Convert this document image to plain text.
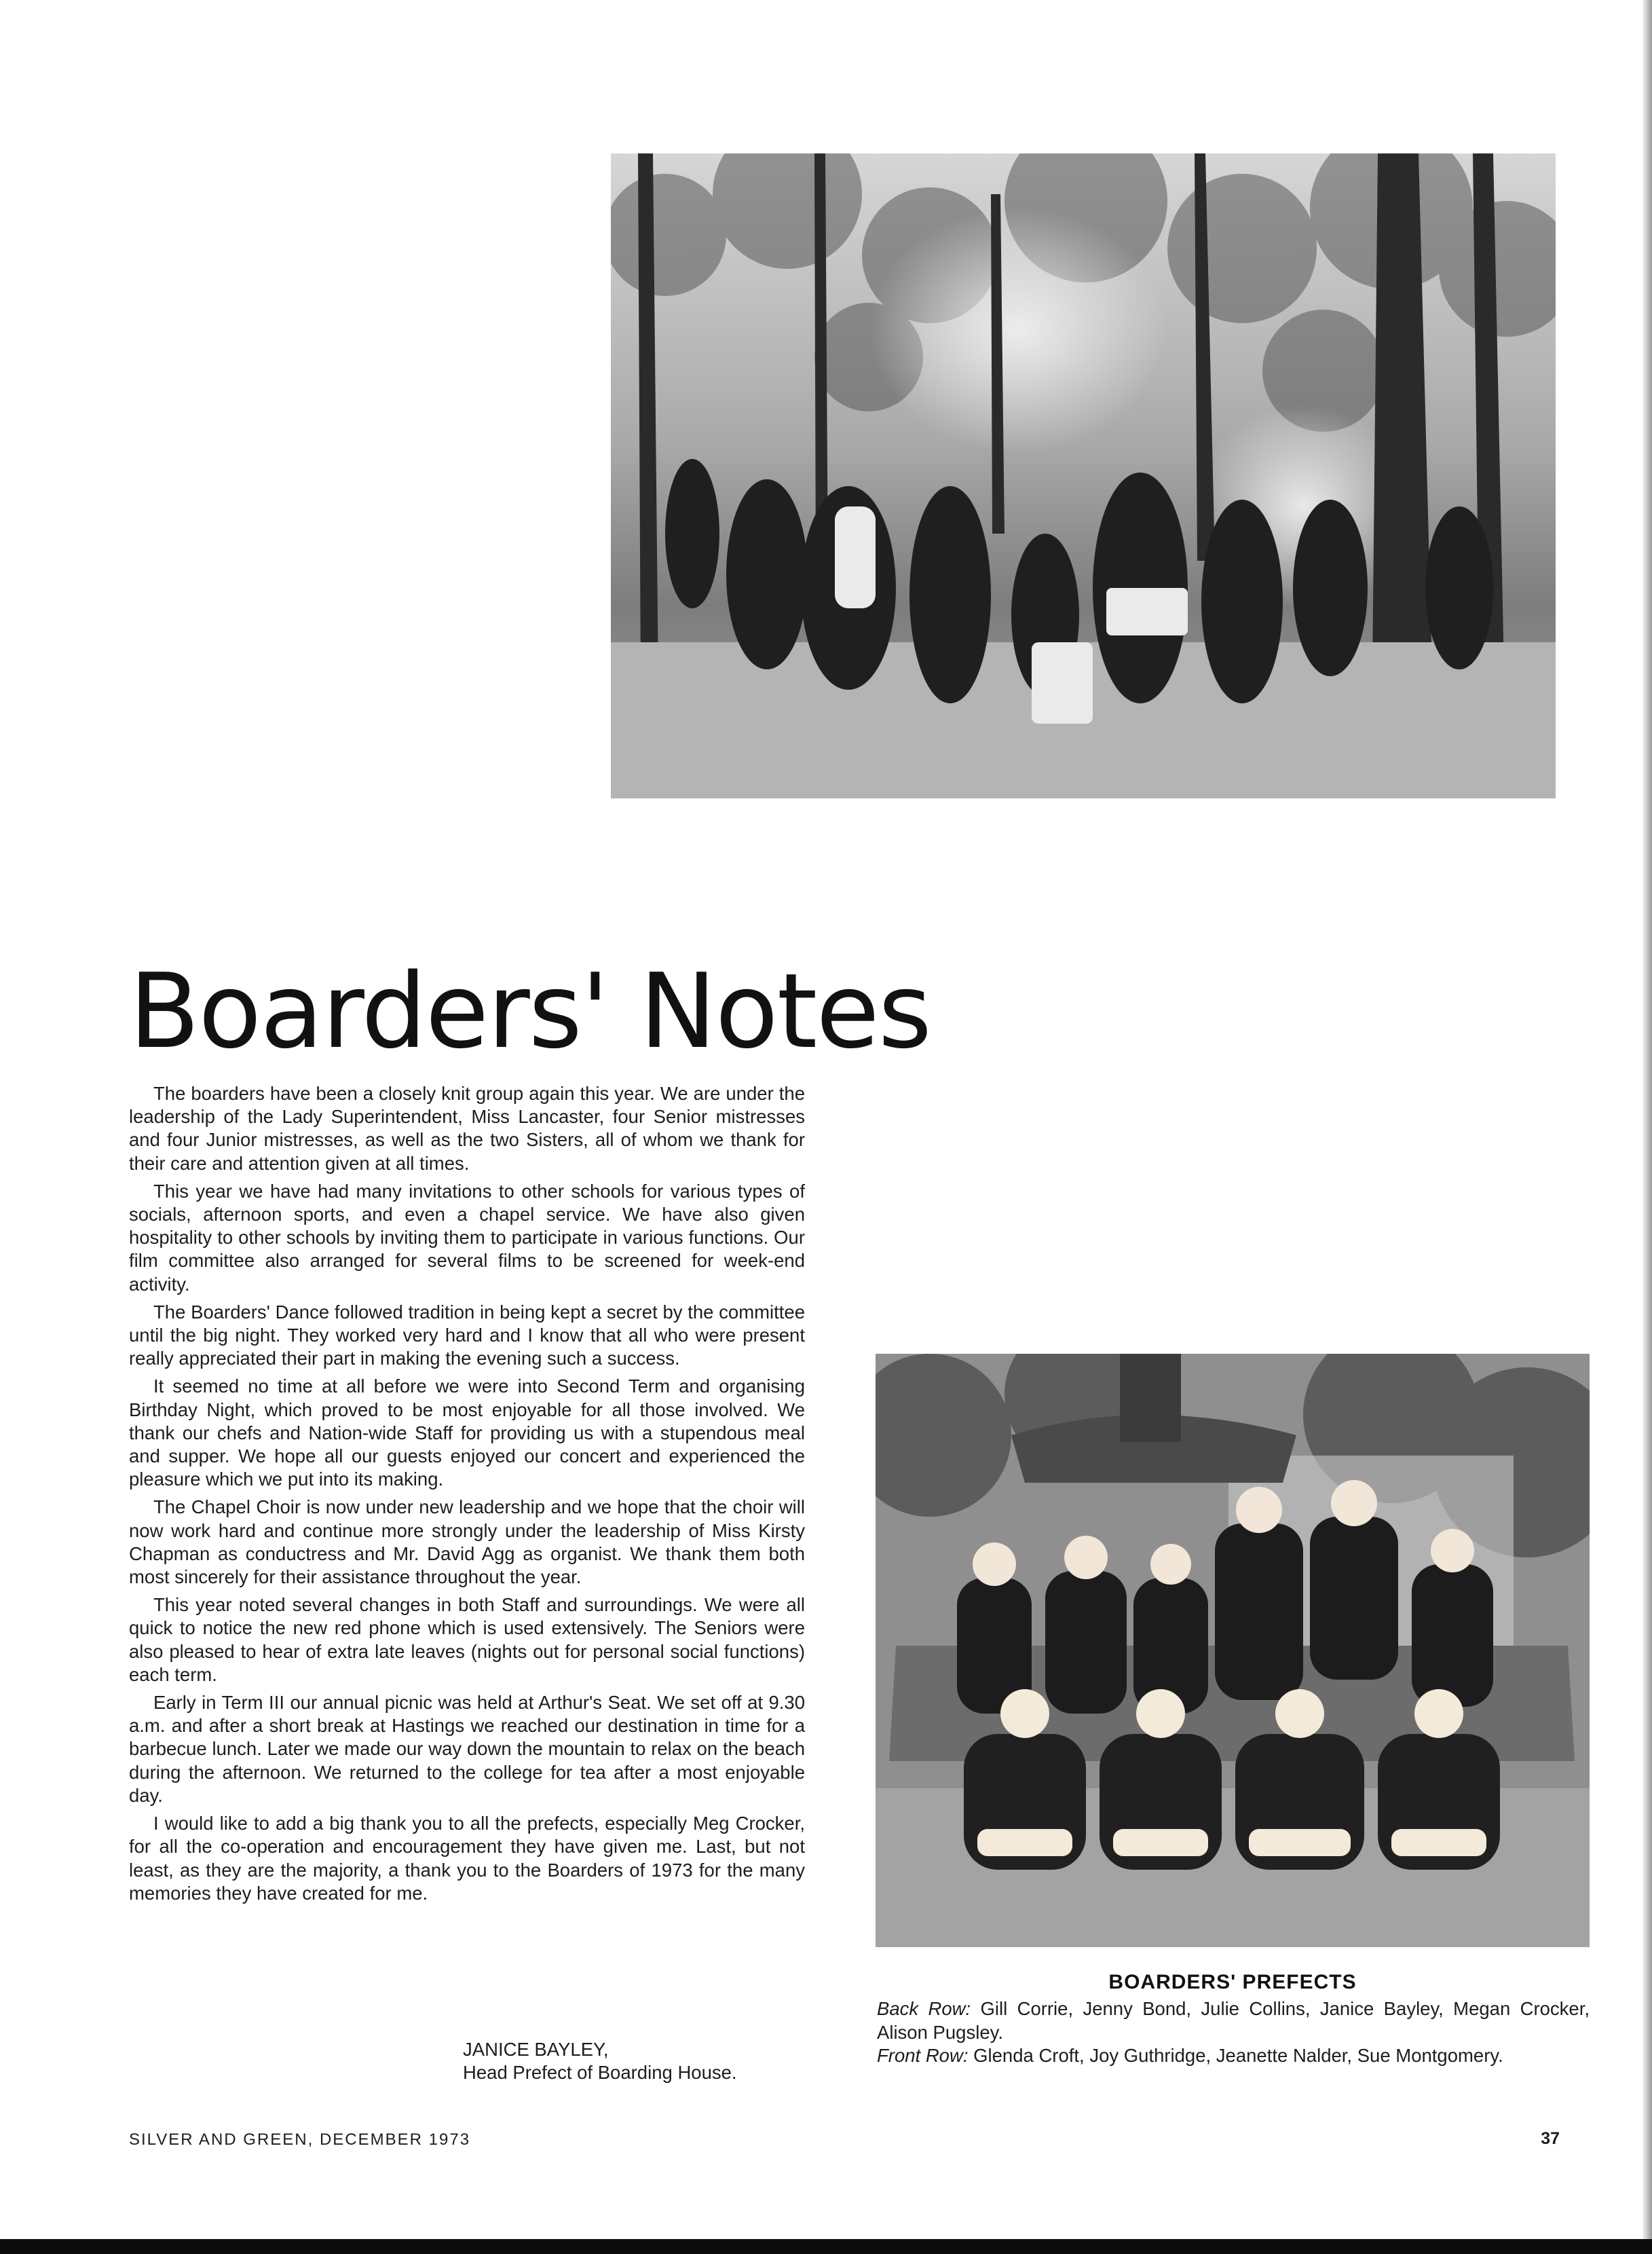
Boarders' Notes

The boarders have been a closely knit group again this year. We are under the leadership of the Lady Superintendent, Miss Lancaster, four Senior mistresses and four Junior mistresses, as well as the two Sisters, all of whom we thank for their care and attention given at all times.

This year we have had many invitations to other schools for various types of socials, afternoon sports, and even a chapel service. We have also given hospitality to other schools by inviting them to participate in various functions. Our film committee also arranged for several films to be screened for week-end activity.

The Boarders' Dance followed tradition in being kept a secret by the committee until the big night. They worked very hard and I know that all who were present really appreciated their part in making the evening such a success.

It seemed no time at all before we were into Second Term and organising Birthday Night, which proved to be most enjoyable for all those involved. We thank our chefs and Nation-wide Staff for providing us with a stupendous meal and supper. We hope all our guests enjoyed our concert and experienced the pleasure which we put into its making.

The Chapel Choir is now under new leadership and we hope that the choir will now work hard and continue more strongly under the leadership of Miss Kirsty Chapman as conductress and Mr. David Agg as organist. We thank them both most sincerely for their assistance throughout the year.

This year noted several changes in both Staff and surroundings. We were all quick to notice the new red phone which is used extensively. The Seniors were also pleased to hear of extra late leaves (nights out for personal social functions) each term.

Early in Term III our annual picnic was held at Arthur's Seat. We set off at 9.30 a.m. and after a short break at Hastings we reached our destination in time for a barbecue lunch. Later we made our way down the mountain to relax on the beach during the afternoon. We returned to the college for tea after a most enjoyable day.

I would like to add a big thank you to all the prefects, especially Meg Crocker, for all the co-operation and encouragement they have given me. Last, but not least, as they are the majority, a thank you to the Boarders of 1973 for the many memories they have created for me.

JANICE BAYLEY,
Head Prefect of Boarding House.
BOARDERS' PREFECTS

Back Row: Gill Corrie, Jenny Bond, Julie Collins, Janice Bayley, Megan Crocker, Alison Pugsley.

Front Row: Glenda Croft, Joy Guthridge, Jeanette Nalder, Sue Montgomery.

SILVER AND GREEN, DECEMBER 1973	37
